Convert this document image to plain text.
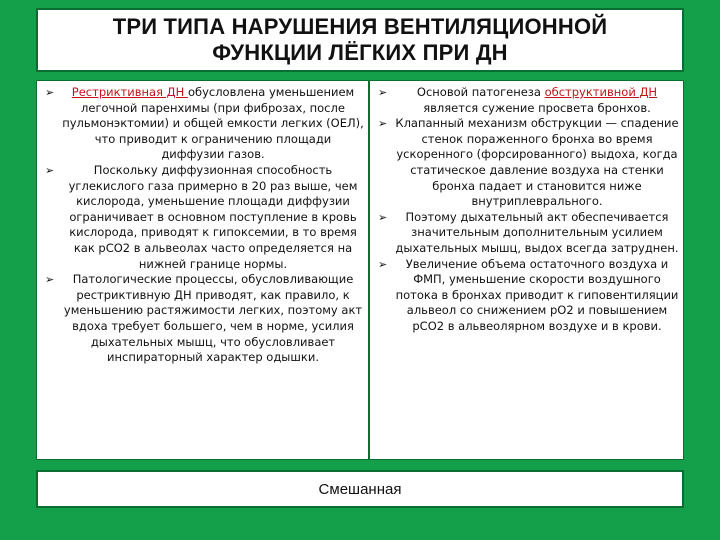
ТРИ ТИПА НАРУШЕНИЯ ВЕНТИЛЯЦИОННОЙ
ФУНКЦИИ ЛЁГКИХ ПРИ ДН
➢ Рестриктивная ДН обусловлена уменьшением легочной паренхимы (при фиброзах, после пульмонэктомии) и общей емкости легких (ОЕЛ), что приводит к ограничению площади диффузии газов.
➢	Поскольку диффузионная способность углекислого газа примерно в 20 раз выше, чем кислорода, уменьшение площади диффузии ограничивает в основном поступление в кровь кислорода, приводят к гипоксемии, в то время как рСО2 в альвеолах часто определяется на нижней границе нормы.
➢ Патологические процессы, обусловливающие рестриктивную ДН приводят, как правило, к уменьшению растяжимости легких, поэтому акт вдоха требует большего, чем в норме, усилия дыхательных мышц, что обусловливает инспираторный характер одышки.
➢	Основой патогенеза обструктивной ДН является сужение просвета бронхов.
➢ Клапанный механизм обструкции — спадение стенок пораженного бронха во время ускоренного (форсированного) выдоха, когда статическое давление воздуха на стенки бронха падает и становится ниже внутриплеврального.
➢ Поэтому дыхательный акт обеспечивается значительным дополнительным усилием дыхательных мышц, выдох всегда затруднен.
➢ Увеличение объема остаточного воздуха и ФМП, уменьшение скорости воздушного потока в бронхах приводит к гиповентиляции альвеол со снижением рО2 и повышением рСО2 в альвеолярном воздухе и в крови.
Смешанная
